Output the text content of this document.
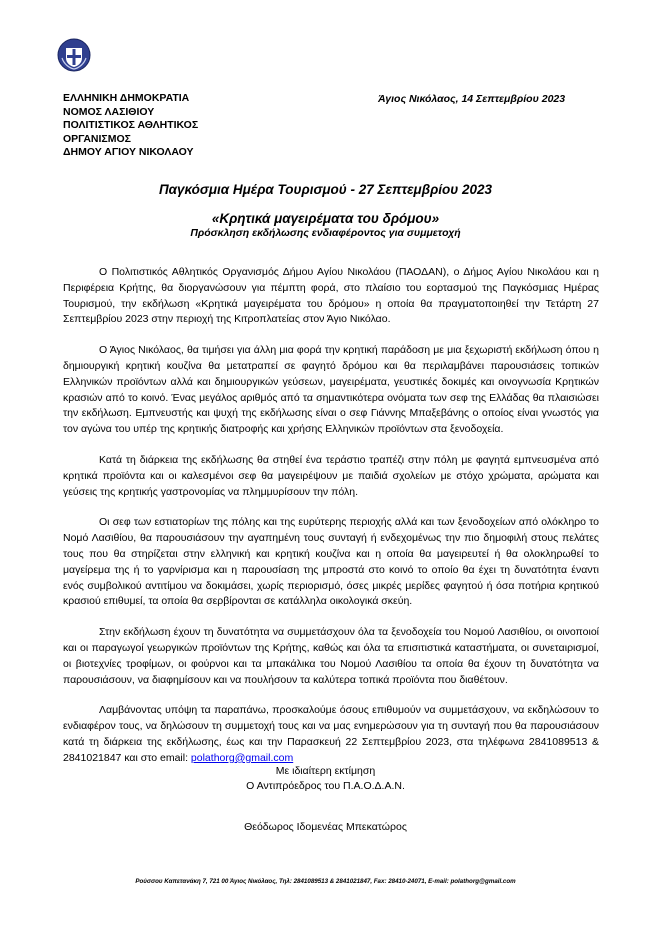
ΕΛΛΗΝΙΚΗ ΔΗΜΟΚΡΑΤΙΑ
ΝΟΜΟΣ ΛΑΣΙΘΙΟΥ
ΠΟΛΙΤΙΣΤΙΚΟΣ ΑΘΛΗΤΙΚΟΣ
ΟΡΓΑΝΙΣΜΟΣ
ΔΗΜΟΥ ΑΓΙΟΥ ΝΙΚΟΛΑΟΥ
Άγιος Νικόλαος, 14 Σεπτεμβρίου 2023
Παγκόσμια Ημέρα Τουρισμού - 27 Σεπτεμβρίου 2023
«Κρητικά μαγειρέματα του δρόμου»
Πρόσκληση εκδήλωσης ενδιαφέροντος για συμμετοχή

Ο Πολιτιστικός Αθλητικός Οργανισμός Δήμου Αγίου Νικολάου (ΠΑΟΔΑΝ), ο Δήμος Αγίου Νικολάου και η Περιφέρεια Κρήτης, θα διοργανώσουν για πέμπτη φορά, στο πλαίσιο του εορτασμού της Παγκόσμιας Ημέρας Τουρισμού, την εκδήλωση «Κρητικά μαγειρέματα του δρόμου» η οποία θα πραγματοποιηθεί την Τετάρτη 27 Σεπτεμβρίου 2023 στην περιοχή της Κιτροπλατείας στον Άγιο Νικόλαο.

Ο Άγιος Νικόλαος, θα τιμήσει για άλλη μια φορά την κρητική παράδοση με μια ξεχωριστή εκδήλωση όπου η δημιουργική κρητική κουζίνα θα μετατραπεί σε φαγητό δρόμου και θα περιλαμβάνει παρουσιάσεις τοπικών Ελληνικών προϊόντων αλλά και δημιουργικών γεύσεων, μαγειρέματα, γευστικές δοκιμές και οινογνωσία Κρητικών κρασιών από το κοινό. Ένας μεγάλος αριθμός από τα σημαντικότερα ονόματα των σεφ της Ελλάδας θα πλαισιώσει την εκδήλωση. Εμπνευστής και ψυχή της εκδήλωσης είναι ο σεφ Γιάννης Μπαξεβάνης ο οποίος είναι γνωστός για τον αγώνα του υπέρ της κρητικής διατροφής και χρήσης Ελληνικών προϊόντων στα ξενοδοχεία.

Κατά τη διάρκεια της εκδήλωσης θα στηθεί ένα τεράστιο τραπέζι στην πόλη με φαγητά εμπνευσμένα από κρητικά προϊόντα και οι καλεσμένοι σεφ θα μαγειρέψουν με παιδιά σχολείων με στόχο χρώματα, αρώματα και γεύσεις της κρητικής γαστρονομίας να πλημμυρίσουν την πόλη.

Οι σεφ των εστιατορίων της πόλης και της ευρύτερης περιοχής αλλά και των ξενοδοχείων από ολόκληρο το Νομό Λασιθίου, θα παρουσιάσουν την αγαπημένη τους συνταγή ή ενδεχομένως την πιο δημοφιλή στους πελάτες τους που θα στηρίζεται στην ελληνική και κρητική κουζίνα και η οποία θα μαγειρευτεί ή θα ολοκληρωθεί το μαγείρεμα της ή το γαρνίρισμα και η παρουσίαση της μπροστά στο κοινό το οποίο θα έχει τη δυνατότητα έναντι ενός συμβολικού αντιτίμου να δοκιμάσει, χωρίς περιορισμό, όσες μικρές μερίδες φαγητού ή όσα ποτήρια κρητικού κρασιού επιθυμεί, τα οποία θα σερβίρονται σε κατάλληλα οικολογικά σκεύη.

Στην εκδήλωση έχουν τη δυνατότητα να συμμετάσχουν όλα τα ξενοδοχεία του Νομού Λασιθίου, οι οινοποιοί και οι παραγωγοί γεωργικών προϊόντων της Κρήτης, καθώς και όλα τα επισιτιστικά καταστήματα, οι συνεταιρισμοί, οι βιοτεχνίες τροφίμων, οι φούρνοι και τα μπακάλικα του Νομού Λασιθίου τα οποία θα έχουν τη δυνατότητα να παρουσιάσουν, να διαφημίσουν και να πουλήσουν τα καλύτερα τοπικά προϊόντα που διαθέτουν.

Λαμβάνοντας υπόψη τα παραπάνω, προσκαλούμε όσους επιθυμούν να συμμετάσχουν, να εκδηλώσουν το ενδιαφέρον τους, να δηλώσουν τη συμμετοχή τους και να μας ενημερώσουν για τη συνταγή που θα παρουσιάσουν κατά τη διάρκεια της εκδήλωσης, έως και την Παρασκευή 22 Σεπτεμβρίου 2023, στα τηλέφωνα 2841089513 & 2841021847 και στο email: polathorg@gmail.com

Με ιδιαίτερη εκτίμηση
Ο Αντιπρόεδρος του Π.Α.Ο.Δ.Α.Ν.
Θεόδωρος Ιδομενέας Μπεκατώρος
Ρούσσου Καπετανάκη 7, 721 00 Άγιος Νικόλαος, Τηλ: 2841089513 & 2841021847, Fax: 28410-24071, E-mail: polathorg@gmail.com
